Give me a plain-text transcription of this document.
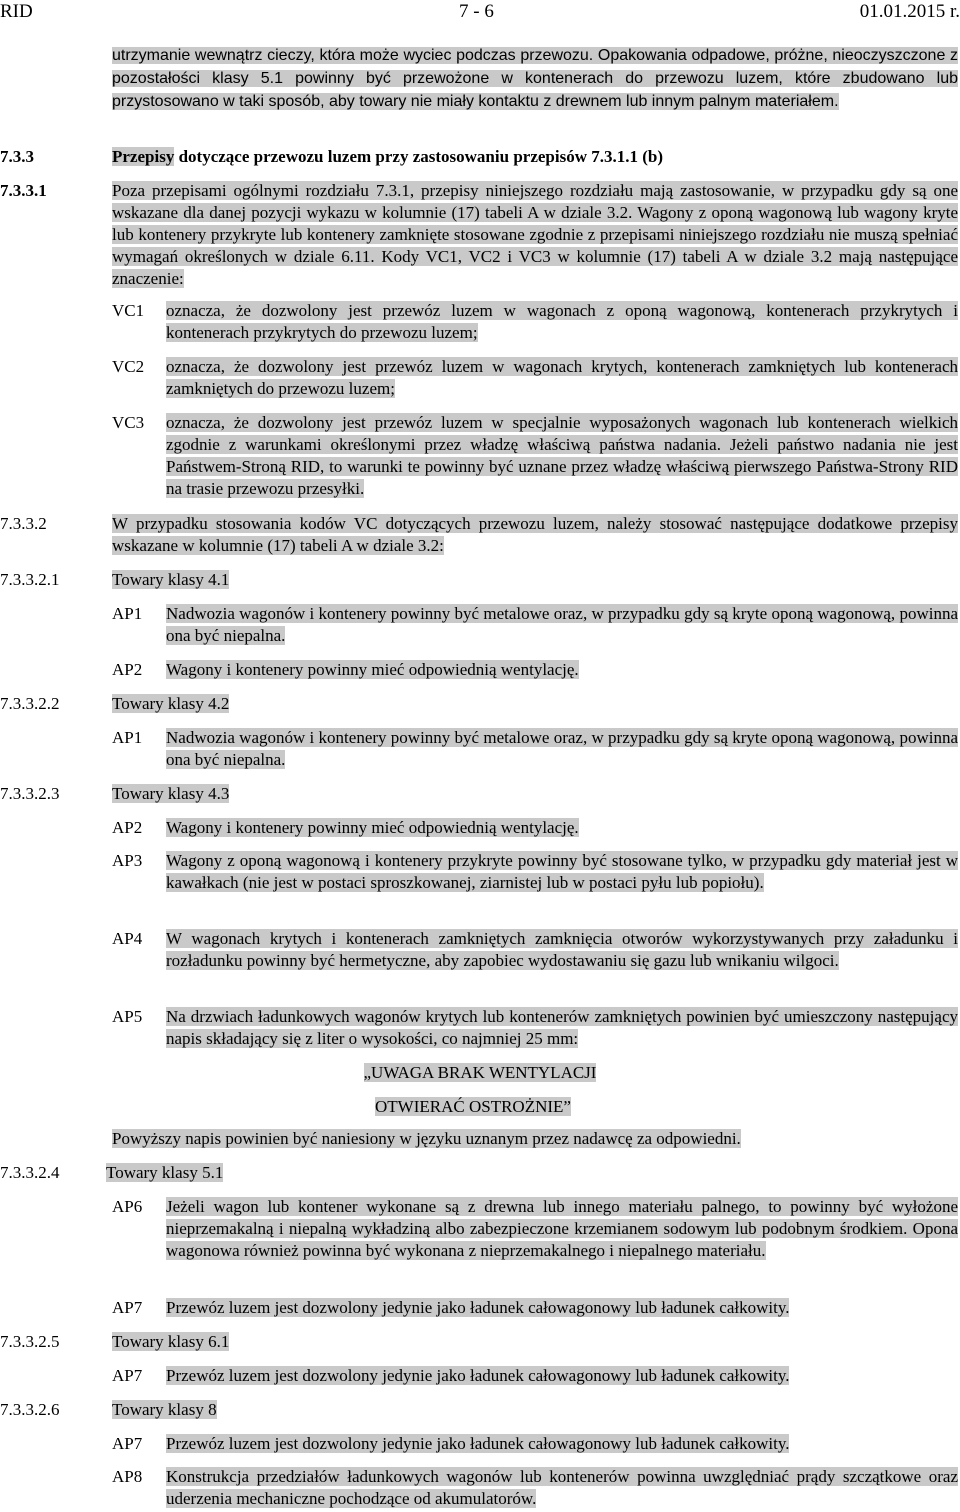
RID	7 - 6	01.01.2015 r.
utrzymanie wewnątrz cieczy, która może wyciec podczas przewozu. Opakowania odpadowe, próżne, nieoczyszczone z pozostałości klasy 5.1 powinny być przewożone w kontenerach do przewozu luzem, które zbudowano lub przystosowano w taki sposób, aby towary nie miały kontaktu z drewnem lub innym palnym materiałem.
7.3.3	Przepisy dotyczące przewozu luzem przy zastosowaniu przepisów 7.3.1.1 (b)
7.3.3.1	Poza przepisami ogólnymi rozdziału 7.3.1, przepisy niniejszego rozdziału mają zastosowanie, w przypadku gdy są one wskazane dla danej pozycji wykazu w kolumnie (17) tabeli A w dziale 3.2. Wagony z oponą wagonową lub wagony kryte lub kontenery przykryte lub kontenery zamknięte stosowane zgodnie z przepisami niniejszego rozdziału nie muszą spełniać wymagań określonych w dziale 6.11. Kody VC1, VC2 i VC3 w kolumnie (17) tabeli A w dziale 3.2 mają następujące znaczenie:
VC1 oznacza, że dozwolony jest przewóz luzem w wagonach z oponą wagonową, kontenerach przykrytych i kontenerach przykrytych do przewozu luzem;
VC2 oznacza, że dozwolony jest przewóz luzem w wagonach krytych, kontenerach zamkniętych lub kontenerach zamkniętych do przewozu luzem;
VC3 oznacza, że dozwolony jest przewóz luzem w specjalnie wyposażonych wagonach lub kontenerach wielkich zgodnie z warunkami określonymi przez władzę właściwą państwa nadania. Jeżeli państwo nadania nie jest Państwem-Stroną RID, to warunki te powinny być uznane przez władzę właściwą pierwszego Państwa-Strony RID na trasie przewozu przesyłki.
7.3.3.2	W przypadku stosowania kodów VC dotyczących przewozu luzem, należy stosować następujące dodatkowe przepisy wskazane w kolumnie (17) tabeli A w dziale 3.2:
7.3.3.2.1	Towary klasy 4.1
AP1 Nadwozia wagonów i kontenery powinny być metalowe oraz, w przypadku gdy są kryte oponą wagonową, powinna ona być niepalna.
AP2 Wagony i kontenery powinny mieć odpowiednią wentylację.
7.3.3.2.2	Towary klasy 4.2
AP1 Nadwozia wagonów i kontenery powinny być metalowe oraz, w przypadku gdy są kryte oponą wagonową, powinna ona być niepalna.
7.3.3.2.3	Towary klasy 4.3
AP2 Wagony i kontenery powinny mieć odpowiednią wentylację.
AP3 Wagony z oponą wagonową i kontenery przykryte powinny być stosowane tylko, w przypadku gdy materiał jest w kawałkach (nie jest w postaci sproszkowanej, ziarnistej lub w postaci pyłu lub popiołu).
AP4 W wagonach krytych i kontenerach zamkniętych zamknięcia otworów wykorzystywanych przy załadunku i rozładunku powinny być hermetyczne, aby zapobiec wydostawaniu się gazu lub wnikaniu wilgoci.
AP5 Na drzwiach ładunkowych wagonów krytych lub kontenerów zamkniętych powinien być umieszczony następujący napis składający się z liter o wysokości, co najmniej 25 mm:
„UWAGA BRAK WENTYLACJI
OTWIERAĆ OSTROŻNIE”
Powyższy napis powinien być naniesiony w języku uznanym przez nadawcę za odpowiedni.
7.3.3.2.4	Towary klasy 5.1
AP6 Jeżeli wagon lub kontener wykonane są z drewna lub innego materiału palnego, to powinny być wyłożone nieprzemakalną i niepalną wykładziną albo zabezpieczone krzemianem sodowym lub podobnym środkiem. Opona wagonowa również powinna być wykonana z nieprzemakalnego i niepalnego materiału.
AP7 Przewóz luzem jest dozwolony jedynie jako ładunek całowagonowy lub ładunek całkowity.
7.3.3.2.5	Towary klasy 6.1
AP7 Przewóz luzem jest dozwolony jedynie jako ładunek całowagonowy lub ładunek całkowity.
7.3.3.2.6	Towary klasy 8
AP7 Przewóz luzem jest dozwolony jedynie jako ładunek całowagonowy lub ładunek całkowity.
AP8 Konstrukcja przedziałów ładunkowych wagonów lub kontenerów powinna uwzględniać prądy szczątkowe oraz uderzenia mechaniczne pochodzące od akumulatorów.
